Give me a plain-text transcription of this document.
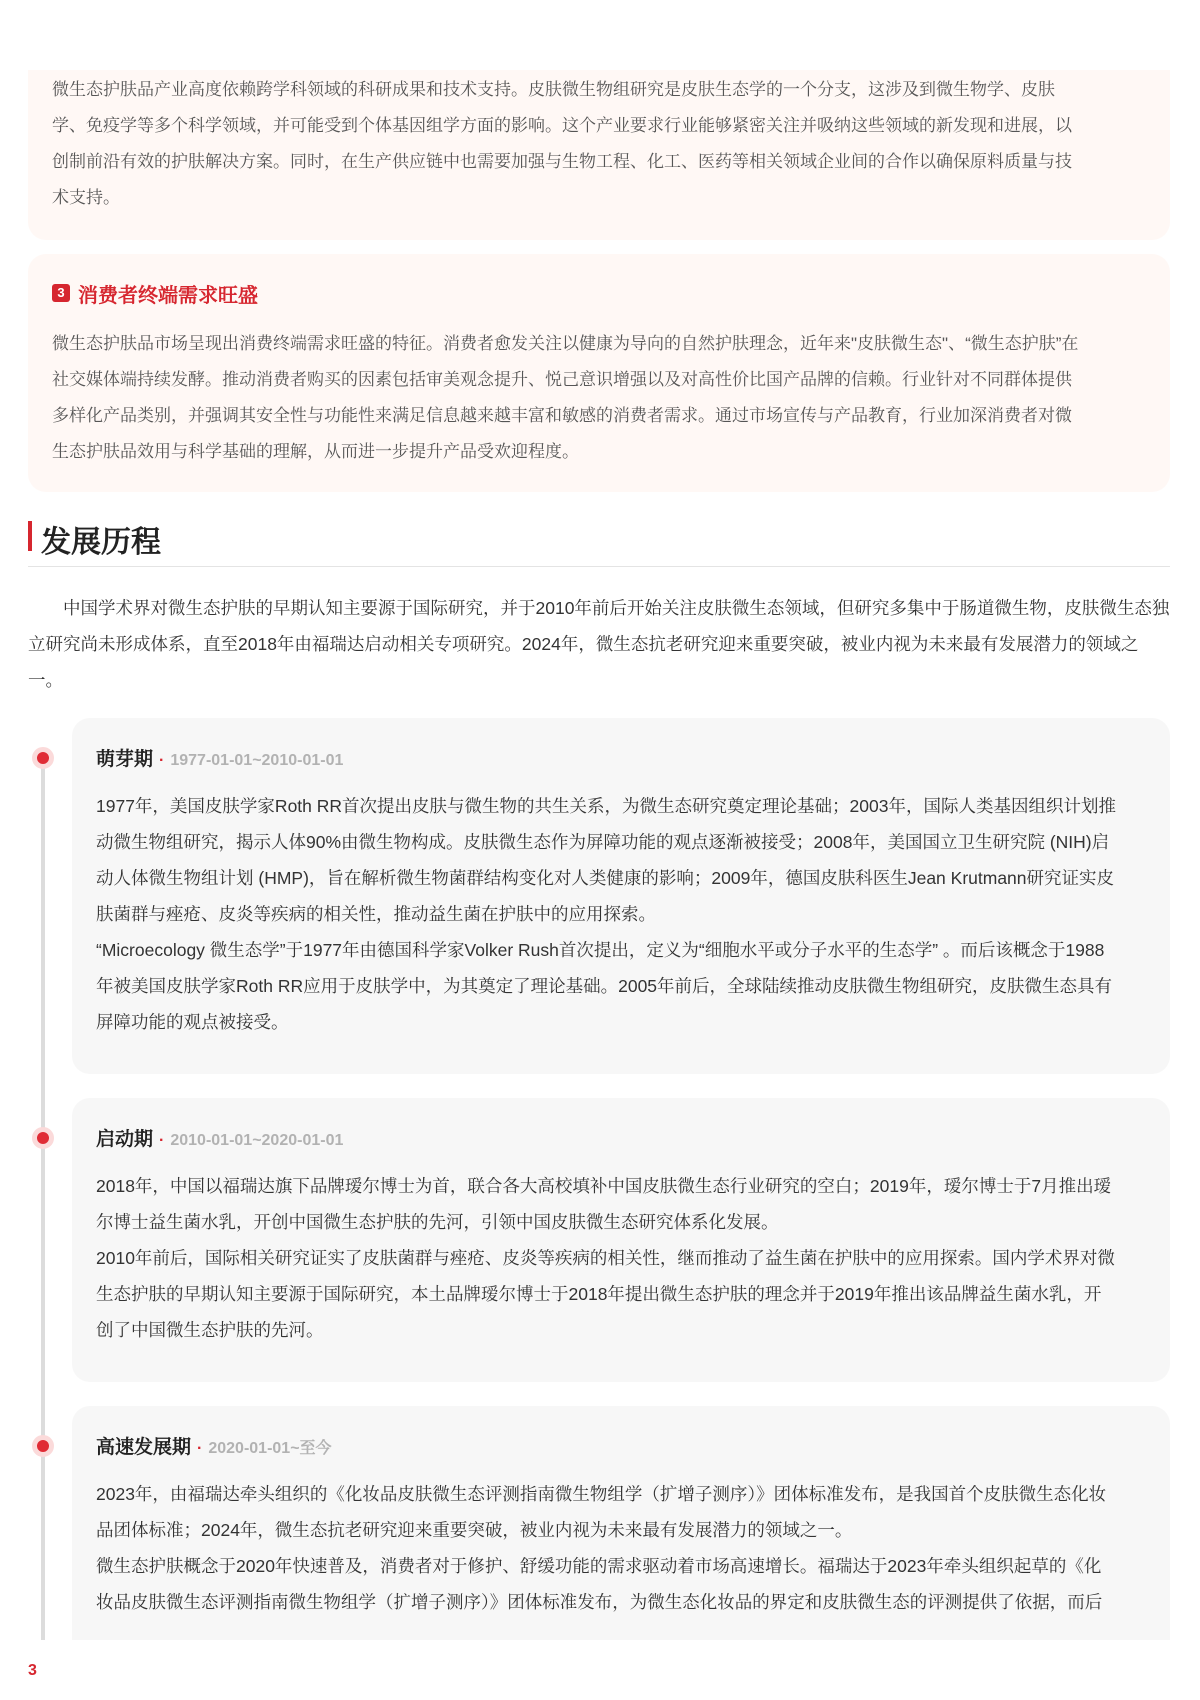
微生态护肤品产业高度依赖跨学科领域的科研成果和技术支持。皮肤微生物组研究是皮肤生态学的一个分支，这涉及到微生物学、皮肤

学、免疫学等多个科学领域，并可能受到个体基因组学方面的影响。这个产业要求行业能够紧密关注并吸纳这些领域的新发现和进展，以

创制前沿有效的护肤解决方案。同时，在生产供应链中也需要加强与生物工程、化工、医药等相关领域企业间的合作以确保原料质量与技

术支持。

3 消费者终端需求旺盛

微生态护肤品市场呈现出消费终端需求旺盛的特征。消费者愈发关注以健康为导向的自然护肤理念，近年来"皮肤微生态"、“微生态护肤”在

社交媒体端持续发酵。推动消费者购买的因素包括审美观念提升、悦己意识增强以及对高性价比国产品牌的信赖。行业针对不同群体提供

多样化产品类别，并强调其安全性与功能性来满足信息越来越丰富和敏感的消费者需求。通过市场宣传与产品教育，行业加深消费者对微

生态护肤品效用与科学基础的理解，从而进一步提升产品受欢迎程度。

发展历程

中国学术界对微生态护肤的早期认知主要源于国际研究，并于2010年前后开始关注皮肤微生态领域，但研究多集中于肠道微生物，皮肤微生态独立研究尚未形成体系，直至2018年由福瑞达启动相关专项研究。2024年，微生态抗老研究迎来重要突破，被业内视为未来最有发展潜力的领域之一。

萌芽期 · 1977-01-01~2010-01-01

1977年，美国皮肤学家Roth RR首次提出皮肤与微生物的共生关系，为微生态研究奠定理论基础；2003年，国际人类基因组织计划推

动微生物组研究，揭示人体90%由微生物构成。皮肤微生态作为屏障功能的观点逐渐被接受；2008年，美国国立卫生研究院 (NIH)启

动人体微生物组计划 (HMP)，旨在解析微生物菌群结构变化对人类健康的影响；2009年，德国皮肤科医生Jean Krutmann研究证实皮

肤菌群与痤疮、皮炎等疾病的相关性，推动益生菌在护肤中的应用探索。

“Microecology 微生态学”于1977年由德国科学家Volker Rush首次提出，定义为“细胞水平或分子水平的生态学” 。而后该概念于1988

年被美国皮肤学家Roth RR应用于皮肤学中，为其奠定了理论基础。2005年前后，全球陆续推动皮肤微生物组研究，皮肤微生态具有

屏障功能的观点被接受。

启动期 · 2010-01-01~2020-01-01

2018年，中国以福瑞达旗下品牌瑷尔博士为首，联合各大高校填补中国皮肤微生态行业研究的空白；2019年，瑷尔博士于7月推出瑷

尔博士益生菌水乳，开创中国微生态护肤的先河，引领中国皮肤微生态研究体系化发展。

2010年前后，国际相关研究证实了皮肤菌群与痤疮、皮炎等疾病的相关性，继而推动了益生菌在护肤中的应用探索。国内学术界对微

生态护肤的早期认知主要源于国际研究，本土品牌瑷尔博士于2018年提出微生态护肤的理念并于2019年推出该品牌益生菌水乳，开

创了中国微生态护肤的先河。

高速发展期 · 2020-01-01~至今

2023年，由福瑞达牵头组织的《化妆品皮肤微生态评测指南微生物组学（扩增子测序）》团体标准发布，是我国首个皮肤微生态化妆

品团体标准；2024年，微生态抗老研究迎来重要突破，被业内视为未来最有发展潜力的领域之一。

微生态护肤概念于2020年快速普及，消费者对于修护、舒缓功能的需求驱动着市场高速增长。福瑞达于2023年牵头组织起草的《化

妆品皮肤微生态评测指南微生物组学（扩增子测序）》团体标准发布，为微生态化妆品的界定和皮肤微生态的评测提供了依据，而后

3
